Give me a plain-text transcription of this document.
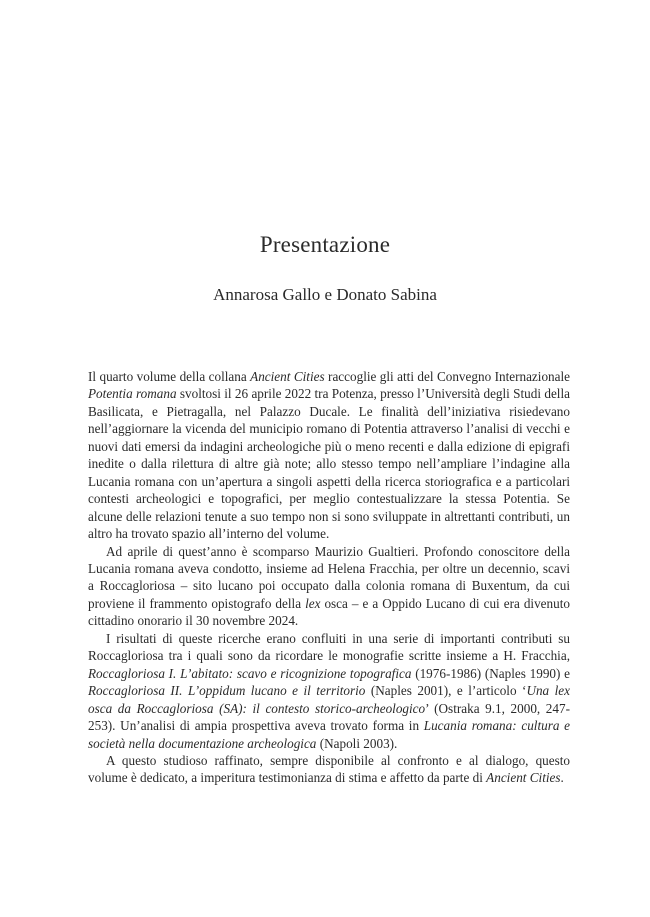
Presentazione
Annarosa Gallo e Donato Sabina

Il quarto volume della collana Ancient Cities raccoglie gli atti del Convegno Internazionale Potentia romana svoltosi il 26 aprile 2022 tra Potenza, presso l’Università degli Studi della Basilicata, e Pietragalla, nel Palazzo Ducale. Le finalità dell’iniziativa risiedevano nell’aggiornare la vicenda del municipio romano di Potentia attraverso l’analisi di vecchi e nuovi dati emersi da indagini archeologiche più o meno recenti e dalla edizione di epigrafi inedite o dalla rilettura di altre già note; allo stesso tempo nell’ampliare l’indagine alla Lucania romana con un’apertura a singoli aspetti della ricerca storiografica e a particolari contesti archeologici e topografici, per meglio contestualizzare la stessa Potentia. Se alcune delle relazioni tenute a suo tempo non si sono sviluppate in altrettanti contributi, un altro ha trovato spazio all’interno del volume.

Ad aprile di quest’anno è scomparso Maurizio Gualtieri. Profondo conoscitore della Lucania romana aveva condotto, insieme ad Helena Fracchia, per oltre un decennio, scavi a Roccagloriosa – sito lucano poi occupato dalla colonia romana di Buxentum, da cui proviene il frammento opistografo della lex osca – e a Oppido Lucano di cui era divenuto cittadino onorario il 30 novembre 2024.

I risultati di queste ricerche erano confluiti in una serie di importanti contributi su Roccagloriosa tra i quali sono da ricordare le monografie scritte insieme a H. Fracchia, Roccagloriosa I. L’abitato: scavo e ricognizione topografica (1976-1986) (Naples 1990) e Roccagloriosa II. L’oppidum lucano e il territorio (Naples 2001), e l’articolo ‘Una lex osca da Roccagloriosa (SA): il contesto storico-archeologico’ (Ostraka 9.1, 2000, 247-253). Un’analisi di ampia prospettiva aveva trovato forma in Lucania romana: cultura e società nella documentazione archeologica (Napoli 2003).

A questo studioso raffinato, sempre disponibile al confronto e al dialogo, questo volume è dedicato, a imperitura testimonianza di stima e affetto da parte di Ancient Cities.
